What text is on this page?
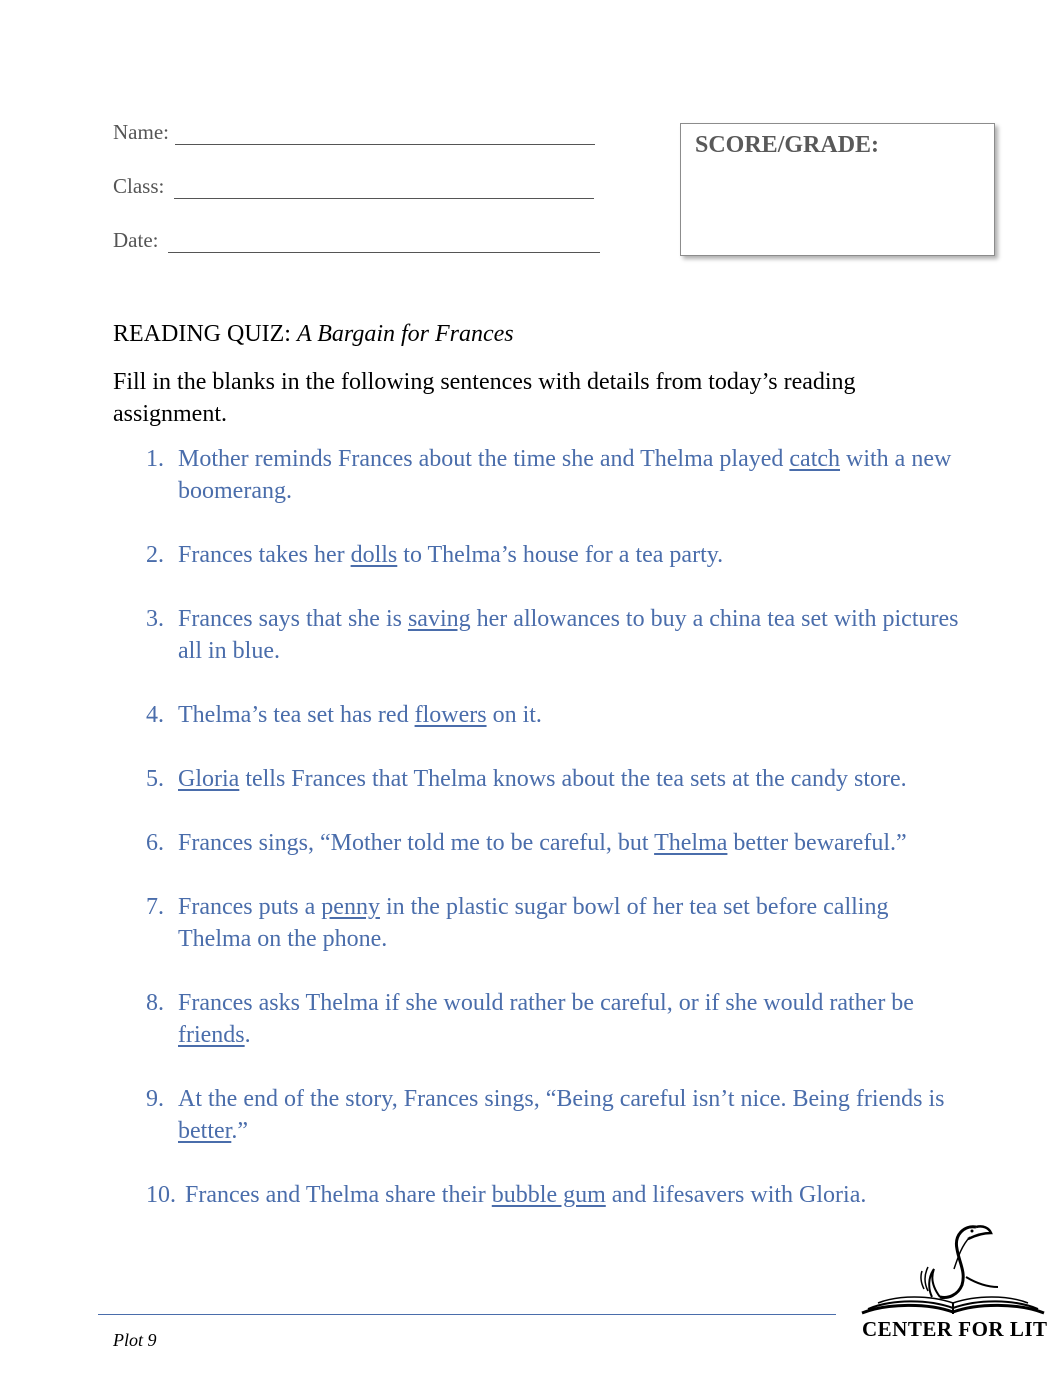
Name:
Class:
Date:
SCORE/GRADE:
READING QUIZ: A Bargain for Frances
Fill in the blanks in the following sentences with details from today’s reading assignment.
1. Mother reminds Frances about the time she and Thelma played catch with a new boomerang.
2. Frances takes her dolls to Thelma’s house for a tea party.
3. Frances says that she is saving her allowances to buy a china tea set with pictures all in blue.
4. Thelma’s tea set has red flowers on it.
5. Gloria tells Frances that Thelma knows about the tea sets at the candy store.
6. Frances sings, “Mother told me to be careful, but Thelma better bewareful.”
7. Frances puts a penny in the plastic sugar bowl of her tea set before calling Thelma on the phone.
8. Frances asks Thelma if she would rather be careful, or if she would rather be friends.
9. At the end of the story, Frances sings, “Being careful isn’t nice. Being friends is better.”
10. Frances and Thelma share their bubble gum and lifesavers with Gloria.
Plot 9	CENTER FOR LIT
